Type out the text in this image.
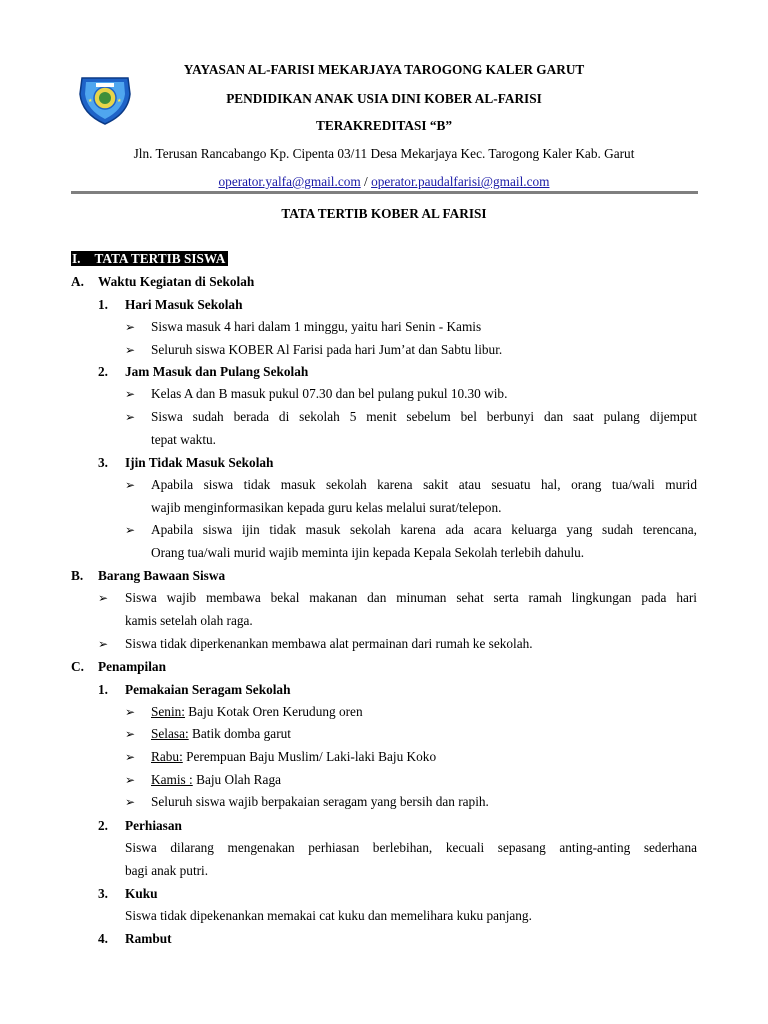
★	★
YAYASAN AL-FARISI MEKARJAYA TAROGONG KALER GARUT
PENDIDIKAN ANAK USIA DINI KOBER AL-FARISI
TERAKREDITASI “B”
Jln. Terusan Rancabango Kp. Cipenta 03/11 Desa Mekarjaya Kec. Tarogong Kaler Kab. Garut
operator.yalfa@gmail.com / operator.paudalfarisi@gmail.com
TATA TERTIB KOBER AL FARISI
I. TATA TERTIB SISWA
A. Waktu Kegiatan di Sekolah
1. Hari Masuk Sekolah
➢ Siswa masuk 4 hari dalam 1 minggu, yaitu hari Senin - Kamis
➢ Seluruh siswa KOBER Al Farisi pada hari Jum’at dan Sabtu libur.
2. Jam Masuk dan Pulang Sekolah
➢ Kelas A dan B masuk pukul 07.30 dan bel pulang pukul 10.30 wib.
➢ Siswa sudah berada di sekolah 5 menit sebelum bel berbunyi dan saat pulang dijemput
tepat waktu.
3. Ijin Tidak Masuk Sekolah
➢ Apabila siswa tidak masuk sekolah karena sakit atau sesuatu hal, orang tua/wali murid
wajib menginformasikan kepada guru kelas melalui surat/telepon.
➢ Apabila siswa ijin tidak masuk sekolah karena ada acara keluarga yang sudah terencana,
Orang tua/wali murid wajib meminta ijin kepada Kepala Sekolah terlebih dahulu.
B. Barang Bawaan Siswa
➢ Siswa wajib membawa bekal makanan dan minuman sehat serta ramah lingkungan pada hari
kamis setelah olah raga.
➢ Siswa tidak diperkenankan membawa alat permainan dari rumah ke sekolah.
C. Penampilan
1. Pemakaian Seragam Sekolah
➢ Senin: Baju Kotak Oren Kerudung oren
➢ Selasa: Batik domba garut
➢ Rabu: Perempuan Baju Muslim/ Laki-laki Baju Koko
➢ Kamis : Baju Olah Raga
➢ Seluruh siswa wajib berpakaian seragam yang bersih dan rapih.
2. Perhiasan
Siswa dilarang mengenakan perhiasan berlebihan, kecuali sepasang anting-anting sederhana
bagi anak putri.
3. Kuku
Siswa tidak dipekenankan memakai cat kuku dan memelihara kuku panjang.
4. Rambut
